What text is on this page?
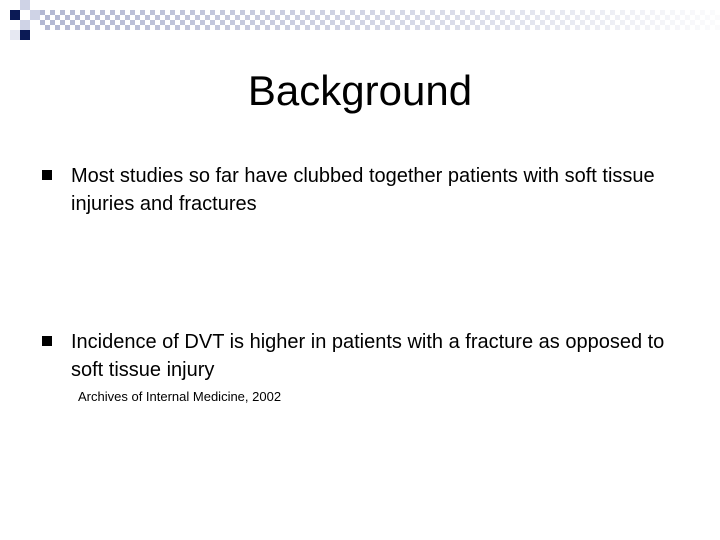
Background
Most studies so far have clubbed together patients with soft tissue injuries and fractures
Incidence of DVT is higher in patients with a fracture as opposed to soft tissue injury
Archives of Internal Medicine, 2002
